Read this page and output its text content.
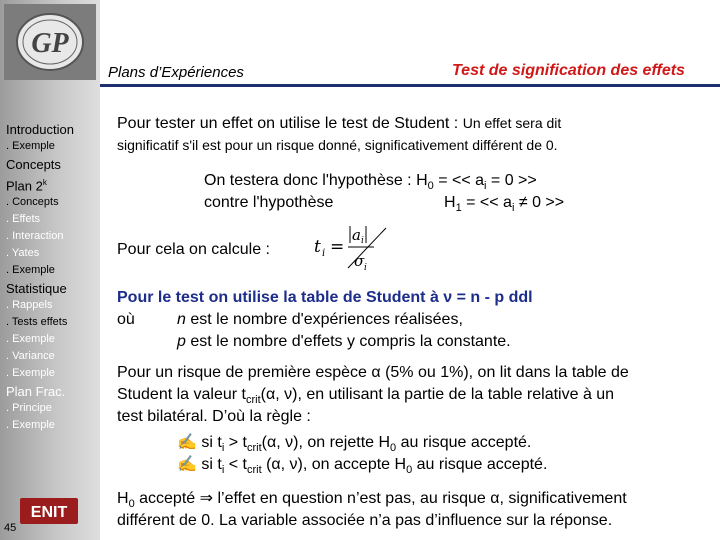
GP
Introduction
. Exemple
Concepts
Plan 2$^k$
. Concepts
. Effets
. Interaction
. Yates
. Exemple
Statistique
. Rappels
. Tests effets
. Exemple
. Variance
. Exemple
Plan Frac.
. Principe
. Exemple
ENIT
45
Plans d’Expériences	Test de signification des effets
Pour tester un effet on utilise le test de Student : Un effet sera dit
significatif s'il est pour un risque donné, significativement différent de 0.
On testera donc l'hypothèse : $H_0$ = << $a_i = 0$ >>
contre l'hypothèse	$H_1$ = << $a_i \ne 0$ >>
Pour cela on calcule :	t i =
a i
σ i
Pour le test on utilise la table de Student à ν = n - p ddl
où	n est le nombre d'expériences réalisées,
p est le nombre d'effets y compris la constante.
Pour un risque de première espèce α (5% ou 1%), on lit dans la table de
Student la valeur $t_{crit}(\alpha$, ν), en utilisant la partie de la table relative à un
test bilatéral. D’où la règle :
✍ si $t_i > t_{crit}(\alpha$, ν), on rejette $H_0$ au risque accepté.
✍ si $t_i < t_{crit}$ (α, ν), on accepte $H_0$ au risque accepté.
$H_0$ accepté ⇒ l’effet en question n’est pas, au risque α, significativement
différent de 0. La variable associée n’a pas d’influence sur la réponse.
